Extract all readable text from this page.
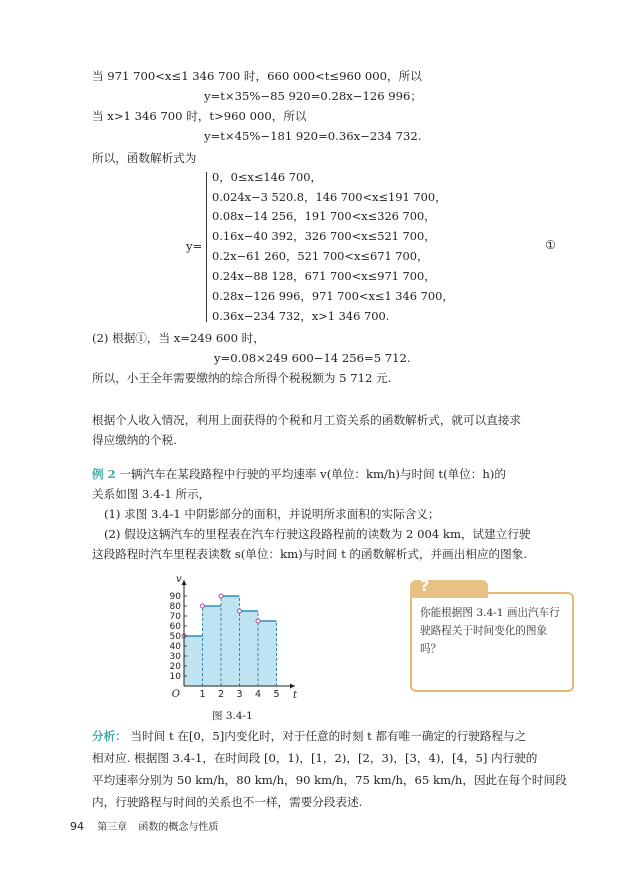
当 971 700<x≤1 346 700 时，660 000<t≤960 000，所以
y=t×35%−85 920=0.28x−126 996；
当 x>1 346 700 时，t>960 000，所以
y=t×45%−181 920=0.36x−234 732.
所以，函数解析式为
y=
0，0≤x≤146 700，
0.024x−3 520.8，146 700<x≤191 700，
0.08x−14 256，191 700<x≤326 700，
0.16x−40 392，326 700<x≤521 700，
0.2x−61 260，521 700<x≤671 700，
0.24x−88 128，671 700<x≤971 700，
0.28x−126 996，971 700<x≤1 346 700，
0.36x−234 732，x>1 346 700.
①
(2) 根据①，当 x=249 600 时，
y=0.08×249 600−14 256=5 712.
所以，小王全年需要缴纳的综合所得个税税额为 5 712 元.
根据个人收入情况，利用上面获得的个税和月工资关系的函数解析式，就可以直接求
得应缴纳的个税.
例 2 一辆汽车在某段路程中行驶的平均速率 v(单位：km/h)与时间 t(单位：h)的
关系如图 3.4-1 所示，
(1) 求图 3.4-1 中阴影部分的面积，并说明所求面积的实际含义；
(2) 假设这辆汽车的里程表在汽车行驶这段路程前的读数为 2 004 km，试建立行驶
这段路程时汽车里程表读数 s(单位：km)与时间 t 的函数解析式，并画出相应的图象.
1 2 3 4 5
10
20
30
40
50
60
70
80
90
O	t
v
图 3.4-1
?
你能根据图 3.4-1 画出汽车行驶路程关于时间变化的图象吗？
分析： 当时间 t 在[0，5]内变化时，对于任意的时刻 t 都有唯一确定的行驶路程与之
相对应. 根据图 3.4-1，在时间段 [0，1)，[1，2)，[2，3)，[3，4)，[4，5] 内行驶的
平均速率分别为 50 km/h，80 km/h，90 km/h，75 km/h，65 km/h，因此在每个时间段
内，行驶路程与时间的关系也不一样，需要分段表述.
94 第三章 函数的概念与性质
